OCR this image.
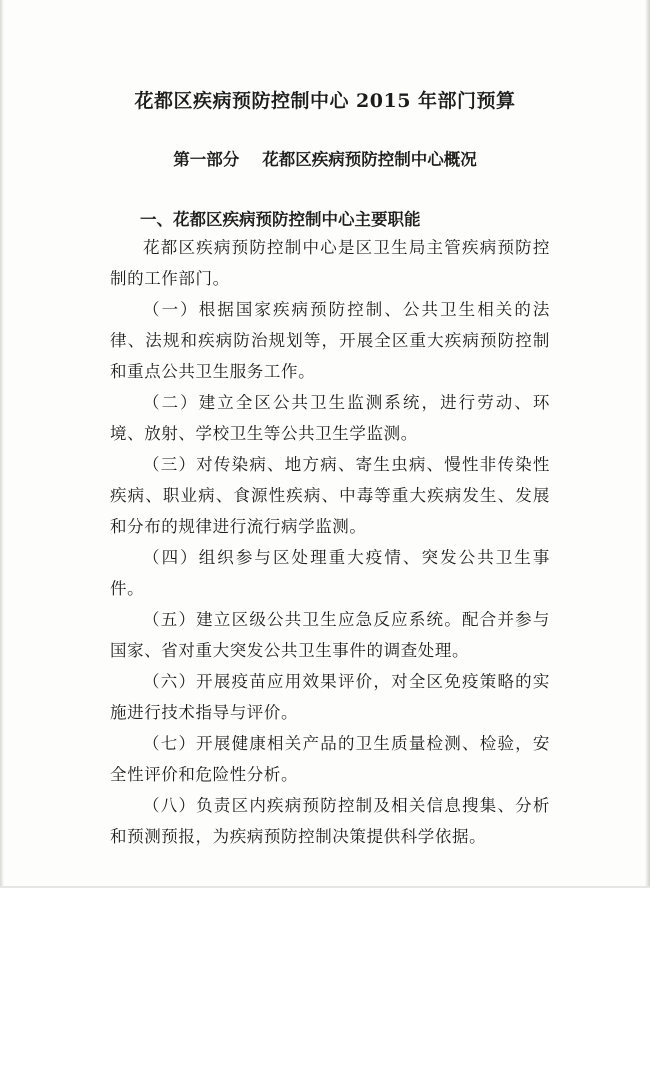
花都区疾病预防控制中心 2015 年部门预算
第一部分    花都区疾病预防控制中心概况
一、花都区疾病预防控制中心主要职能

花都区疾病预防控制中心是区卫生局主管疾病预防控制的工作部门。

（一）根据国家疾病预防控制、公共卫生相关的法律、法规和疾病防治规划等，开展全区重大疾病预防控制和重点公共卫生服务工作。

（二）建立全区公共卫生监测系统，进行劳动、环境、放射、学校卫生等公共卫生学监测。

（三）对传染病、地方病、寄生虫病、慢性非传染性疾病、职业病、食源性疾病、中毒等重大疾病发生、发展和分布的规律进行流行病学监测。

（四）组织参与区处理重大疫情、突发公共卫生事件。

（五）建立区级公共卫生应急反应系统。配合并参与国家、省对重大突发公共卫生事件的调查处理。

（六）开展疫苗应用效果评价，对全区免疫策略的实施进行技术指导与评价。

（七）开展健康相关产品的卫生质量检测、检验，安全性评价和危险性分析。

（八）负责区内疾病预防控制及相关信息搜集、分析和预测预报，为疾病预防控制决策提供科学依据。
